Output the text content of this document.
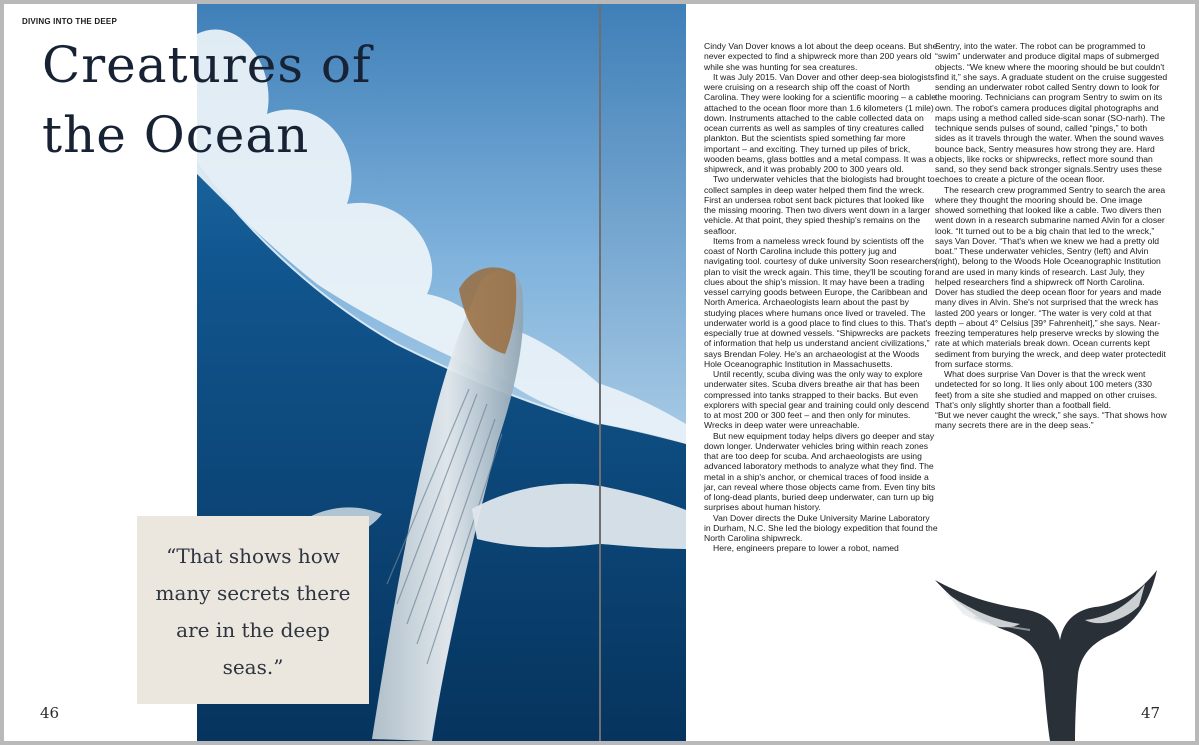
DIVING INTO THE DEEP
Creatures of
the Ocean
“That shows how many secrets there are in the deep seas.”
46

Cindy Van Dover knows a lot about the deep oceans. But she never expected to find a shipwreck more than 200 years old while she was hunting for sea creatures.

It was July 2015. Van Dover and other deep-sea biologists were cruising on a research ship off the coast of North Carolina. They were looking for a scientific mooring – a cable attached to the ocean floor more than 1.6 kilometers (1 mile) down. Instruments attached to the cable collected data on ocean currents as well as samples of tiny creatures called plankton. But the scientists spied something far more important – and exciting. They turned up piles of brick, wooden beams, glass bottles and a metal compass. It was a shipwreck, and it was probably 200 to 300 years old.

Two underwater vehicles that the biologists had brought to collect samples in deep water helped them find the wreck. First an undersea robot sent back pictures that looked like the missing mooring. Then two divers went down in a larger vehicle. At that point, they spied theship's remains on the seafloor.

Items from a nameless wreck found by scientists off the coast of North Carolina include this pottery jug and navigating tool. courtesy of duke university Soon researchers plan to visit the wreck again. This time, they'll be scouting for clues about the ship's mission. It may have been a trading vessel carrying goods between Europe, the Caribbean and North America. Archaeologists learn about the past by studying places where humans once lived or traveled. The underwater world is a good place to find clues to this. That's especially true at downed vessels. “Shipwrecks are packets of information that help us understand ancient civilizations,” says Brendan Foley. He's an archaeologist at the Woods Hole Oceanographic Institution in Massachusetts.

Until recently, scuba diving was the only way to explore underwater sites. Scuba divers breathe air that has been compressed into tanks strapped to their backs. But even explorers with special gear and training could only descend to at most 200 or 300 feet – and then only for minutes. Wrecks in deep water were unreachable.

But new equipment today helps divers go deeper and stay down longer. Underwater vehicles bring within reach zones that are too deep for scuba. And archaeologists are using advanced laboratory methods to analyze what they find. The metal in a ship's anchor, or chemical traces of food inside a jar, can reveal where those objects came from. Even tiny bits of long-dead plants, buried deep underwater, can turn up big surprises about human history.

Van Dover directs the Duke University Marine Laboratory in Durham, N.C. She led the biology expedition that found the North Carolina shipwreck.

Here, engineers prepare to lower a robot, named

Sentry, into the water. The robot can be programmed to “swim” underwater and produce digital maps of submerged objects. “We knew where the mooring should be but couldn't find it,” she says. A graduate student on the cruise suggested sending an underwater robot called Sentry down to look for the mooring. Technicians can program Sentry to swim on its own. The robot's camera produces digital photographs and maps using a method called side-scan sonar (SO-narh). The technique sends pulses of sound, called “pings,” to both sides as it travels through the water. When the sound waves bounce back, Sentry measures how strong they are. Hard objects, like rocks or shipwrecks, reflect more sound than sand, so they send back stronger signals.Sentry uses these echoes to create a picture of the ocean floor.

The research crew programmed Sentry to search the area where they thought the mooring should be. One image showed something that looked like a cable. Two divers then went down in a research submarine named Alvin for a closer look. “It turned out to be a big chain that led to the wreck,” says Van Dover. “That's when we knew we had a pretty old boat.” These underwater vehicles, Sentry (left) and Alvin (right), belong to the Woods Hole Oceanographic Institution and are used in many kinds of research. Last July, they helped researchers find a shipwreck off North Carolina. Dover has studied the deep ocean floor for years and made many dives in Alvin. She's not surprised that the wreck has lasted 200 years or longer. “The water is very cold at that depth – about 4° Celsius [39° Fahrenheit],” she says. Near-freezing temperatures help preserve wrecks by slowing the rate at which materials break down. Ocean currents kept sediment from burying the wreck, and deep water protectedit from surface storms.

What does surprise Van Dover is that the wreck went undetected for so long. It lies only about 100 meters (330 feet) from a site she studied and mapped on other cruises. That's only slightly shorter than a football field.

“But we never caught the wreck,” she says. “That shows how many secrets there are in the deep seas.”

47
